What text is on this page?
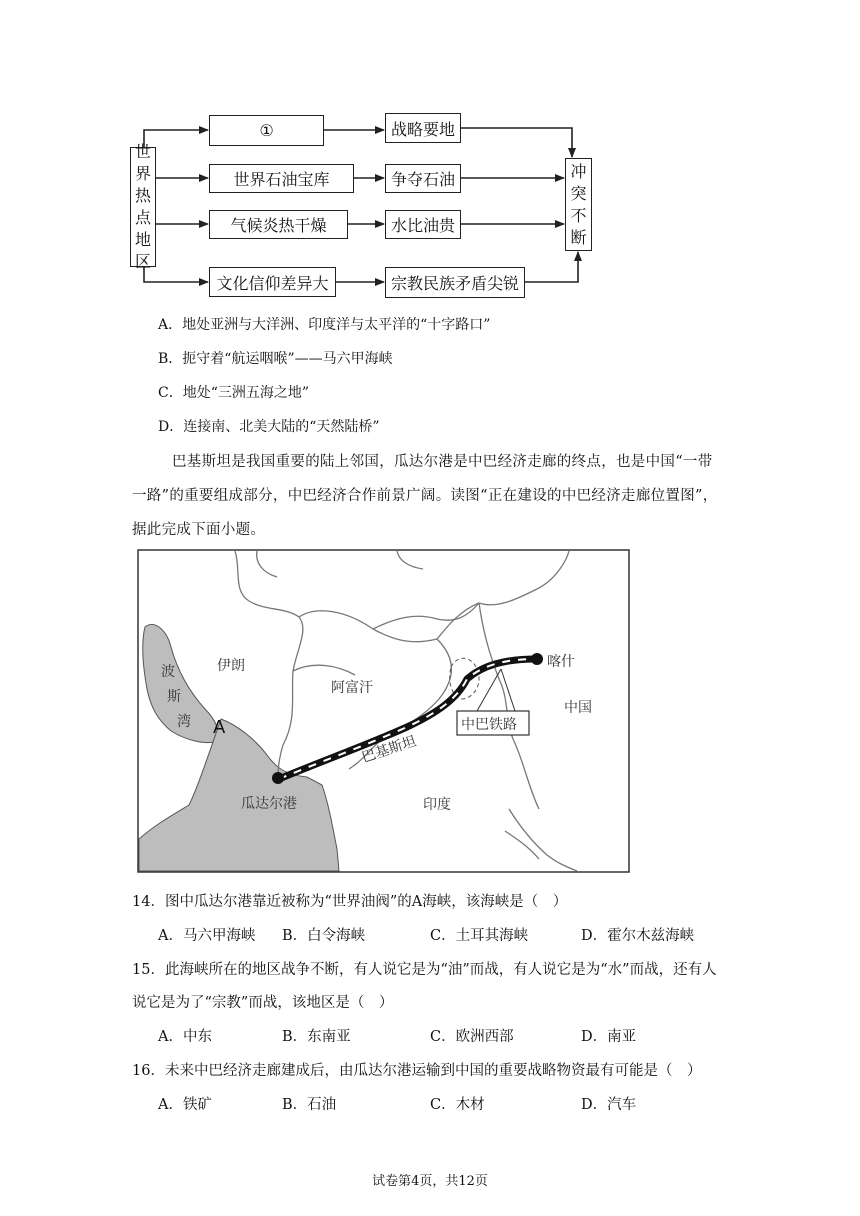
世
界
热
点
地
区
①
世界石油宝库
气候炎热干燥
文化信仰差异大
战略要地
争夺石油
水比油贵
宗教民族矛盾尖锐
冲
突
不
断
A．地处亚洲与大洋洲、印度洋与太平洋的“十字路口”
B．扼守着“航运咽喉”——马六甲海峡
C．地处“三洲五海之地”
D．连接南、北美大陆的“天然陆桥”
巴基斯坦是我国重要的陆上邻国，瓜达尔港是中巴经济走廊的终点，也是中国“一带
一路”的重要组成部分，中巴经济合作前景广阔。读图“正在建设的中巴经济走廊位置图”，
据此完成下面小题。
波
斯
湾
伊朗
阿富汗
喀什
中国
中巴铁路
巴基斯坦
印度
瓜达尔港
A
14．图中瓜达尔港靠近被称为“世界油阀”的A海峡，该海峡是（　）
A．马六甲海峡 B．白令海峡	C．土耳其海峡	D．霍尔木兹海峡
15．此海峡所在的地区战争不断，有人说它是为“油”而战，有人说它是为“水”而战，还有人
说它是为了“宗教”而战，该地区是（　）
A．中东	B．东南亚	C．欧洲西部	D．南亚
16．未来中巴经济走廊建成后，由瓜达尔港运输到中国的重要战略物资最有可能是（　）
A．铁矿	B．石油	C．木材	D．汽车
试卷第4页，共12页
